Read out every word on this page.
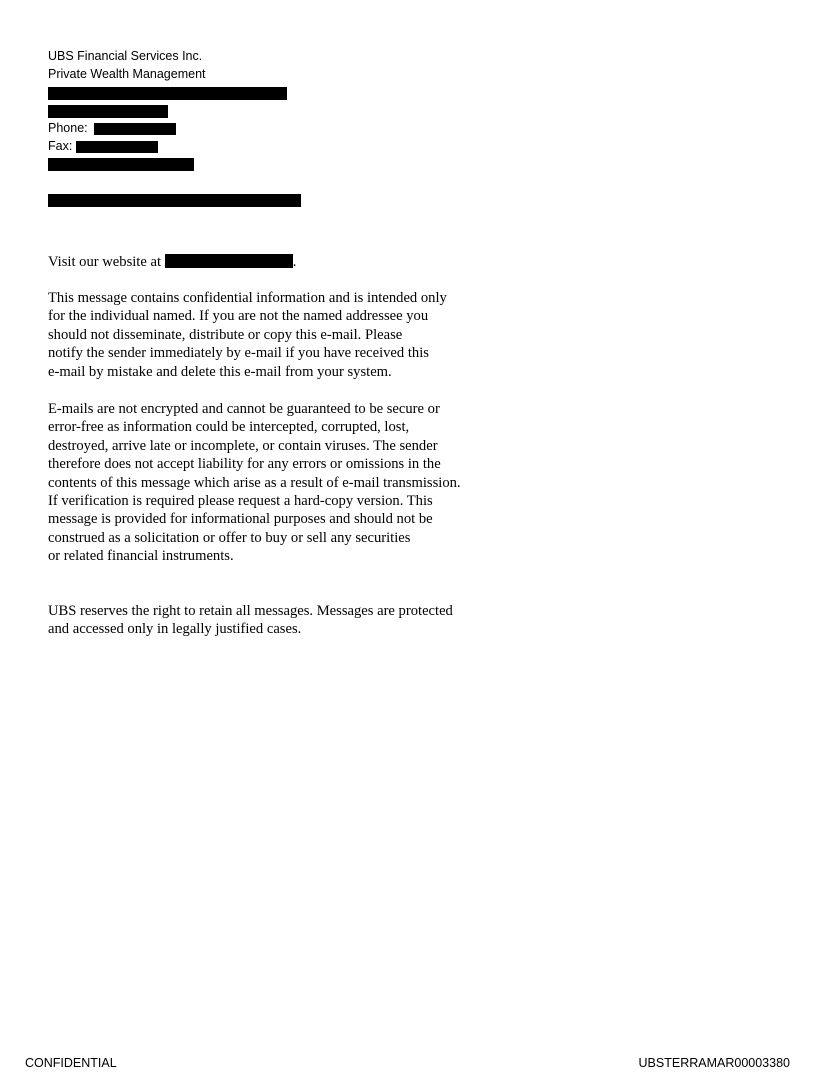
UBS Financial Services Inc.
Private Wealth Management
Phone:
Fax:
Visit our website at	.
This message contains confidential information and is intended only
for the individual named. If you are not the named addressee you
should not disseminate, distribute or copy this e-mail. Please
notify the sender immediately by e-mail if you have received this
e-mail by mistake and delete this e-mail from your system.
E-mails are not encrypted and cannot be guaranteed to be secure or
error-free as information could be intercepted, corrupted, lost,
destroyed, arrive late or incomplete, or contain viruses. The sender
therefore does not accept liability for any errors or omissions in the
contents of this message which arise as a result of e-mail transmission.
If verification is required please request a hard-copy version. This
message is provided for informational purposes and should not be
construed as a solicitation or offer to buy or sell any securities
or related financial instruments.
UBS reserves the right to retain all messages. Messages are protected
and accessed only in legally justified cases.
CONFIDENTIAL	UBSTERRAMAR00003380
